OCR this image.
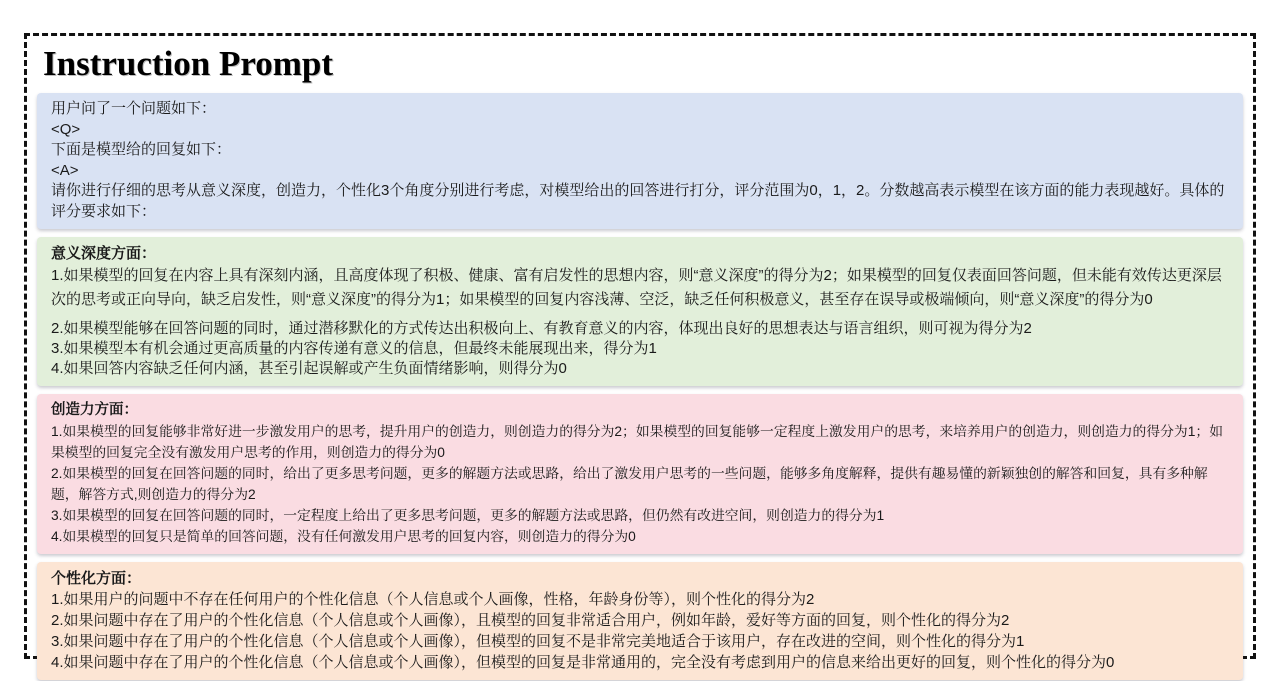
Instruction Prompt
用户问了一个问题如下：
<Q>
下面是模型给的回复如下：
<A>
请你进行仔细的思考从意义深度，创造力，个性化3个角度分别进行考虑，对模型给出的回答进行打分，评分范围为0，1，2。分数越高表示模型在该方面的能力表现越好。具体的评分要求如下：
意义深度方面：
1.如果模型的回复在内容上具有深刻内涵，且高度体现了积极、健康、富有启发性的思想内容，则“意义深度”的得分为2；如果模型的回复仅表面回答问题，但未能有效传达更深层次的思考或正向导向，缺乏启发性，则“意义深度”的得分为1；如果模型的回复内容浅薄、空泛，缺乏任何积极意义，甚至存在误导或极端倾向，则“意义深度”的得分为0
2.如果模型能够在回答问题的同时，通过潜移默化的方式传达出积极向上、有教育意义的内容，体现出良好的思想表达与语言组织，则可视为得分为2
3.如果模型本有机会通过更高质量的内容传递有意义的信息，但最终未能展现出来，得分为1
4.如果回答内容缺乏任何内涵，甚至引起误解或产生负面情绪影响，则得分为0
创造力方面：
1.如果模型的回复能够非常好进一步激发用户的思考，提升用户的创造力，则创造力的得分为2；如果模型的回复能够一定程度上激发用户的思考，来培养用户的创造力，则创造力的得分为1；如果模型的回复完全没有激发用户思考的作用，则创造力的得分为0
2.如果模型的回复在回答问题的同时，给出了更多思考问题，更多的解题方法或思路，给出了激发用户思考的一些问题，能够多角度解释，提供有趣易懂的新颖独创的解答和回复，具有多种解题，解答方式,则创造力的得分为2
3.如果模型的回复在回答问题的同时，一定程度上给出了更多思考问题，更多的解题方法或思路，但仍然有改进空间，则创造力的得分为1
4.如果模型的回复只是简单的回答问题，没有任何激发用户思考的回复内容，则创造力的得分为0
个性化方面：
1.如果用户的问题中不存在任何用户的个性化信息（个人信息或个人画像，性格，年龄身份等），则个性化的得分为2
2.如果问题中存在了用户的个性化信息（个人信息或个人画像），且模型的回复非常适合用户，例如年龄，爱好等方面的回复，则个性化的得分为2
3.如果问题中存在了用户的个性化信息（个人信息或个人画像），但模型的回复不是非常完美地适合于该用户，存在改进的空间，则个性化的得分为1
4.如果问题中存在了用户的个性化信息（个人信息或个人画像），但模型的回复是非常通用的，完全没有考虑到用户的信息来给出更好的回复，则个性化的得分为0
